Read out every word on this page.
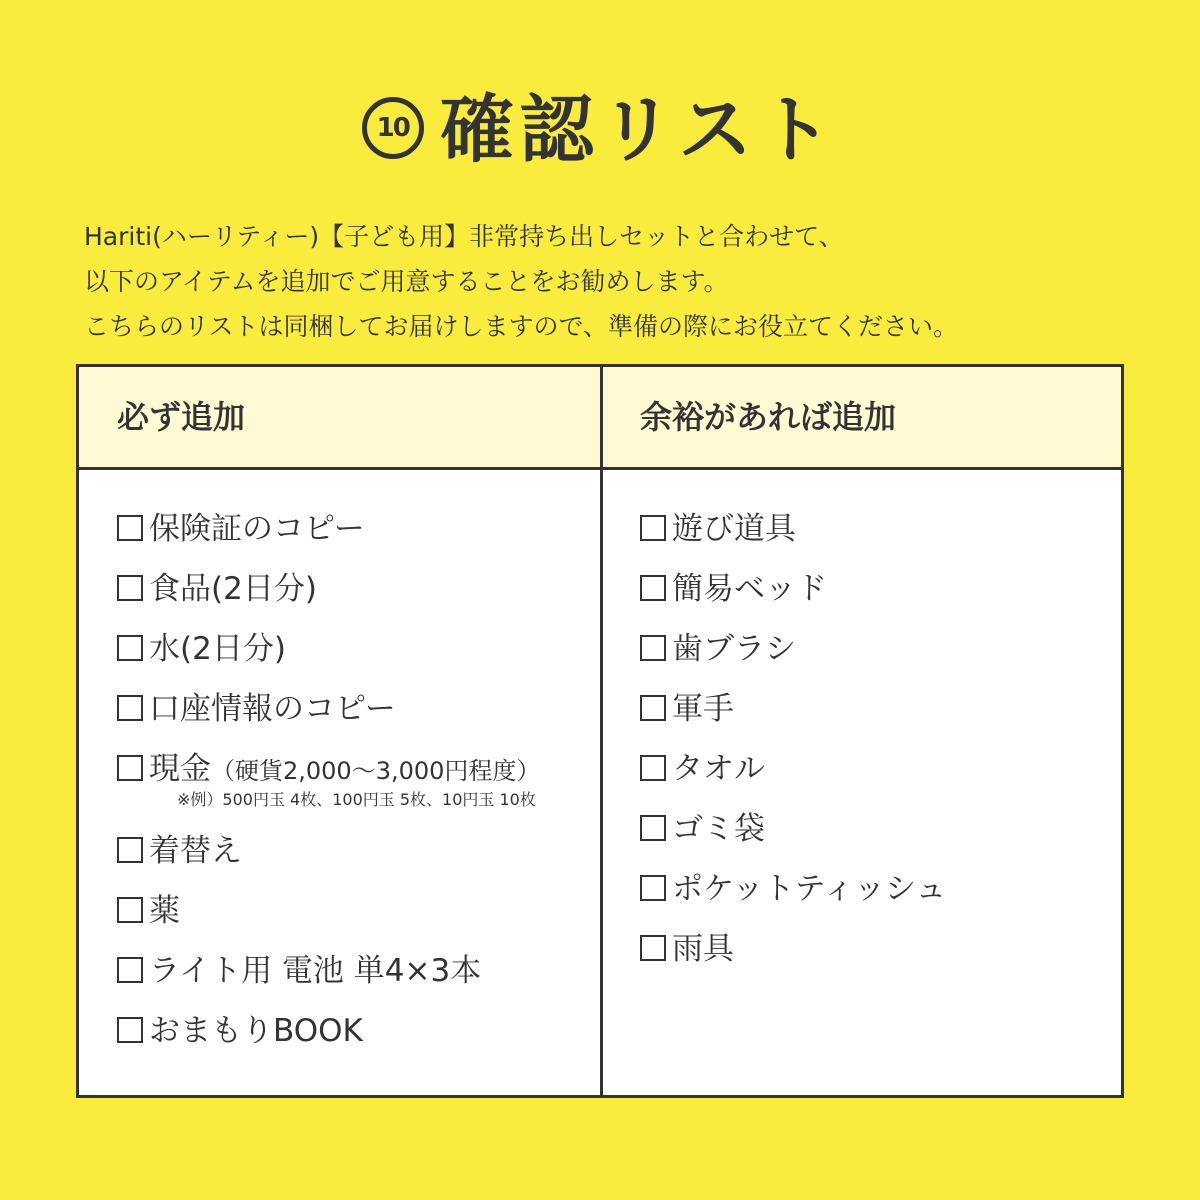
10 確認リスト
Hariti(ハーリティー)【子ども用】非常持ち出しセットと合わせて、
以下のアイテムを追加でご用意することをお勧めします。
こちらのリストは同梱してお届けしますので、準備の際にお役立てください。
必ず追加	余裕があれば追加
保険証のコピー
食品(2日分)
水(2日分)
口座情報のコピー
現金（硬貨2,000〜3,000円程度）
※例）500円玉 4枚、100円玉 5枚、10円玉 10枚
着替え
薬
ライト用 電池 単4×3本
おまもりBOOK
遊び道具
簡易ベッド
歯ブラシ
軍手
タオル
ゴミ袋
ポケットティッシュ
雨具
